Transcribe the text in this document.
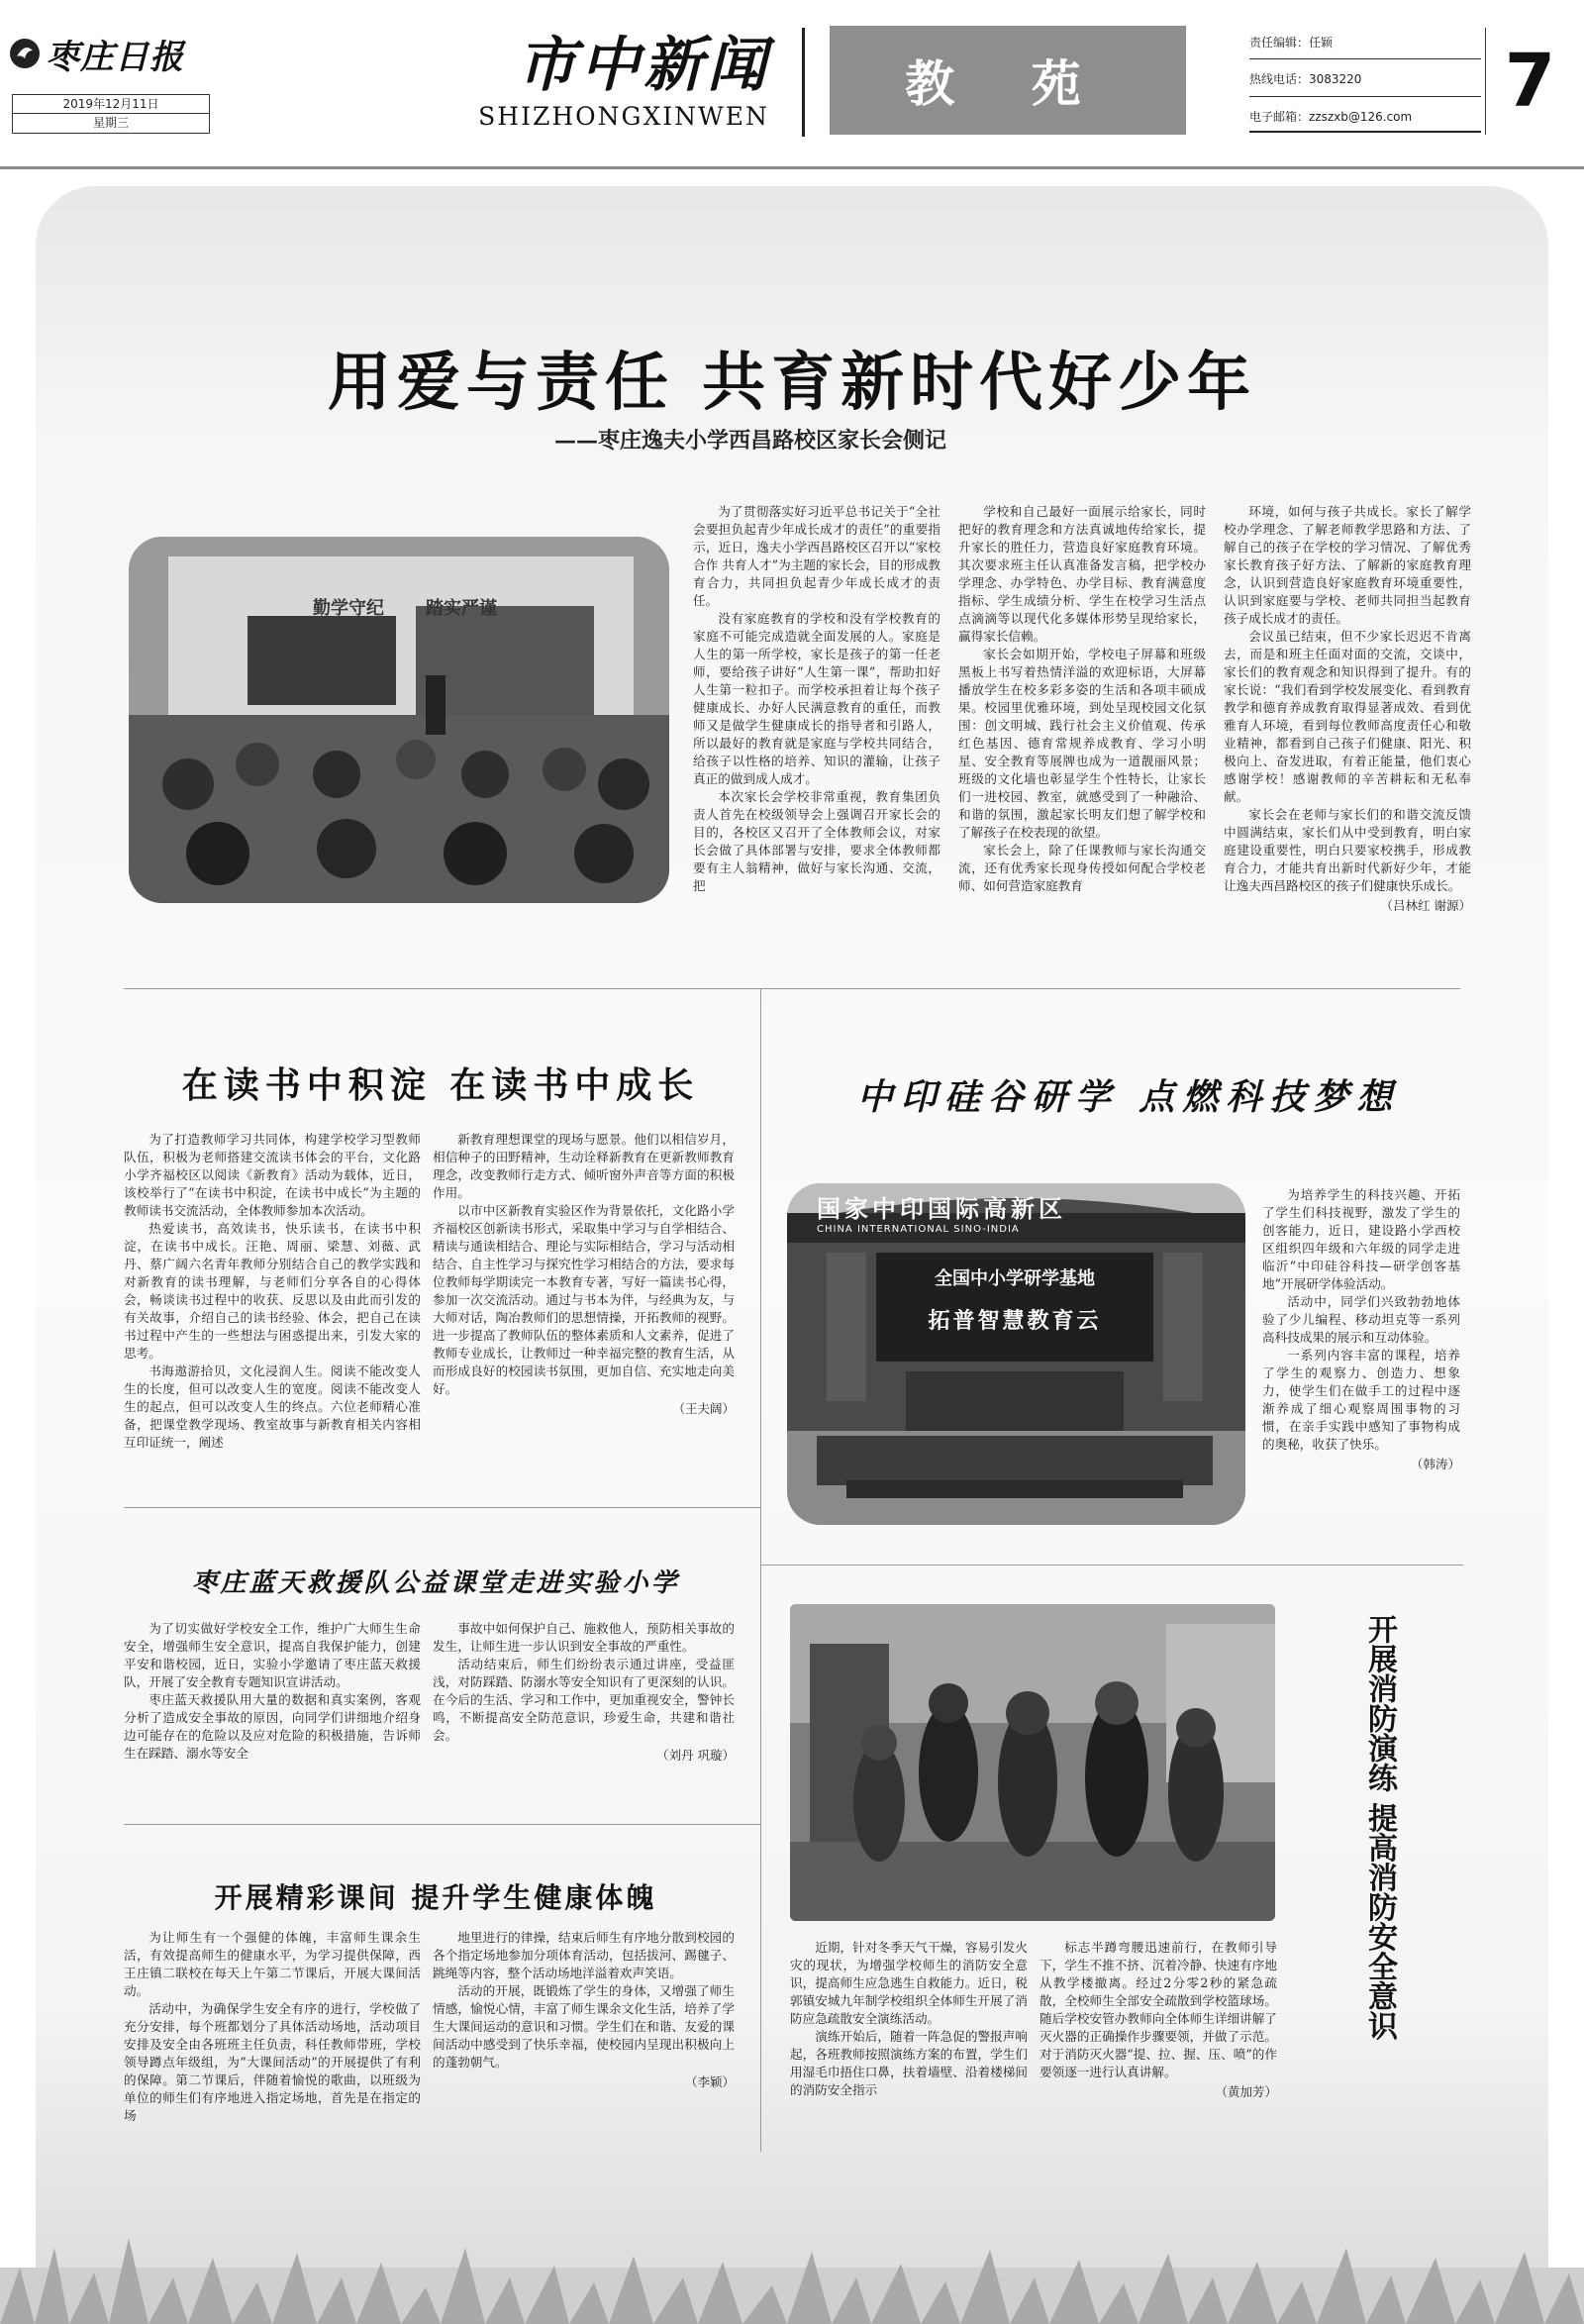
枣庄日报
2019年12月11日
星期三
市中新闻
SHIZHONGXINWEN
教 苑
责任编辑：任颖
热线电话：3083220
电子邮箱：zzszxb@126.com	7
用爱与责任 共育新时代好少年
——枣庄逸夫小学西昌路校区家长会侧记
勤学守纪 踏实严谨

为了贯彻落实好习近平总书记关于“全社会要担负起青少年成长成才的责任”的重要指示，近日，逸夫小学西昌路校区召开以“家校合作 共育人才”为主题的家长会，目的形成教育合力，共同担负起青少年成长成才的责任。

没有家庭教育的学校和没有学校教育的家庭不可能完成造就全面发展的人。家庭是人生的第一所学校，家长是孩子的第一任老师，要给孩子讲好“人生第一课”，帮助扣好人生第一粒扣子。而学校承担着让每个孩子健康成长、办好人民满意教育的重任，而教师又是做学生健康成长的指导者和引路人，所以最好的教育就是家庭与学校共同结合，给孩子以性格的培养、知识的灌输，让孩子真正的做到成人成才。

本次家长会学校非常重视，教育集团负责人首先在校级领导会上强调召开家长会的目的，各校区又召开了全体教师会议，对家长会做了具体部署与安排，要求全体教师都要有主人翁精神，做好与家长沟通、交流，把

学校和自己最好一面展示给家长，同时把好的教育理念和方法真诚地传给家长，提升家长的胜任力，营造良好家庭教育环境。其次要求班主任认真准备发言稿，把学校办学理念、办学特色、办学目标、教育满意度指标、学生成绩分析、学生在校学习生活点点滴滴等以现代化多媒体形势呈现给家长，赢得家长信赖。

家长会如期开始，学校电子屏幕和班级黑板上书写着热情洋溢的欢迎标语，大屏幕播放学生在校多彩多姿的生活和各项丰硕成果。校园里优雅环境，到处呈现校园文化氛围：创文明城、践行社会主义价值观、传承红色基因、德育常规养成教育、学习小明星、安全教育等展牌也成为一道靓丽风景；班级的文化墙也彰显学生个性特长，让家长们一进校园、教室，就感受到了一种融洽、和谐的氛围，激起家长明友们想了解学校和了解孩子在校表现的欲望。

家长会上，除了任课教师与家长沟通交流，还有优秀家长现身传授如何配合学校老师、如何营造家庭教育

环境，如何与孩子共成长。家长了解学校办学理念、了解老师教学思路和方法、了解自己的孩子在学校的学习情况、了解优秀家长教育孩子好方法、了解新的家庭教育理念，认识到营造良好家庭教育环境重要性，认识到家庭要与学校、老师共同担当起教育孩子成长成才的责任。

会议虽已结束，但不少家长迟迟不肯离去，而是和班主任面对面的交流，交谈中，家长们的教育观念和知识得到了提升。有的家长说：“我们看到学校发展变化、看到教育教学和德育养成教育取得显著成效、看到优雅育人环境，看到每位教师高度责任心和敬业精神，都看到自己孩子们健康、阳光、积极向上、奋发进取，有着正能量，他们衷心感谢学校！感谢教师的辛苦耕耘和无私奉献。

家长会在老师与家长们的和谐交流反馈中圆满结束，家长们从中受到教育，明白家庭建设重要性，明白只要家校携手，形成教育合力，才能共育出新时代新好少年，才能让逸夫西昌路校区的孩子们健康快乐成长。

（吕林红 谢源）
在读书中积淀 在读书中成长

为了打造教师学习共同体，构建学校学习型教师队伍，积极为老师搭建交流读书体会的平台，文化路小学齐福校区以阅读《新教育》活动为载体，近日，该校举行了“在读书中积淀，在读书中成长”为主题的教师读书交流活动，全体教师参加本次活动。

热爱读书，高效读书，快乐读书，在读书中积淀，在读书中成长。汪艳、周丽、梁慧、刘薇、武丹、蔡广阔六名青年教师分别结合自己的教学实践和对新教育的读书理解，与老师们分享各自的心得体会，畅谈读书过程中的收获、反思以及由此而引发的有关故事，介绍自己的读书经验、体会，把自己在读书过程中产生的一些想法与困惑提出来，引发大家的思考。

书海遨游拾贝，文化浸润人生。阅读不能改变人生的长度，但可以改变人生的宽度。阅读不能改变人生的起点，但可以改变人生的终点。六位老师精心准备，把课堂教学现场、教室故事与新教育相关内容相互印证统一，阐述

新教育理想课堂的现场与愿景。他们以相信岁月，相信种子的田野精神，生动诠释新教育在更新教师教育理念，改变教师行走方式、倾听窗外声音等方面的积极作用。

以市中区新教育实验区作为背景依托，文化路小学齐福校区创新读书形式，采取集中学习与自学相结合、精读与通读相结合、理论与实际相结合，学习与活动相结合、自主性学习与探究性学习相结合的方法，要求每位教师每学期读完一本教育专著，写好一篇读书心得，参加一次交流活动。通过与书本为伴，与经典为友，与大师对话，陶冶教师们的思想情操，开拓教师的视野。进一步提高了教师队伍的整体素质和人文素养，促进了教师专业成长，让教师过一种幸福完整的教育生活，从而形成良好的校园读书氛围，更加自信、充实地走向美好。

（王夫阔）
中印硅谷研学 点燃科技梦想
国家中印国际高新区
CHINA INTERNATIONAL SINO-INDIA
全国中小学研学基地
拓普智慧教育云

为培养学生的科技兴趣、开拓了学生们科技视野，激发了学生的创客能力，近日，建设路小学西校区组织四年级和六年级的同学走进临沂“中印硅谷科技—研学创客基地”开展研学体验活动。

活动中，同学们兴致勃勃地体验了少儿编程、移动坦克等一系列高科技成果的展示和互动体验。

一系列内容丰富的课程，培养了学生的观察力、创造力、想象力，使学生们在做手工的过程中逐渐养成了细心观察周围事物的习惯，在亲手实践中感知了事物构成的奥秘，收获了快乐。

（韩涛）
枣庄蓝天救援队公益课堂走进实验小学

为了切实做好学校安全工作，维护广大师生生命安全，增强师生安全意识，提高自我保护能力，创建平安和谐校园，近日，实验小学邀请了枣庄蓝天救援队，开展了安全教育专题知识宣讲活动。

枣庄蓝天救援队用大量的数据和真实案例，客观分析了造成安全事故的原因，向同学们讲细地介绍身边可能存在的危险以及应对危险的积极措施，告诉师生在踩踏、溺水等安全

事故中如何保护自己、施救他人，预防相关事故的发生，让师生进一步认识到安全事故的严重性。

活动结束后，师生们纷纷表示通过讲座，受益匪浅，对防踩踏、防溺水等安全知识有了更深刻的认识。在今后的生活、学习和工作中，更加重视安全，警钟长鸣，不断提高安全防范意识，珍爱生命，共建和谐社会。

（刘丹 巩璇）
开展精彩课间 提升学生健康体魄

为让师生有一个强健的体魄，丰富师生课余生活，有效提高师生的健康水平，为学习提供保障，西王庄镇二联校在每天上午第二节课后，开展大课间活动。

活动中，为确保学生安全有序的进行，学校做了充分安排，每个班都划分了具体活动场地，活动项目安排及安全由各班班主任负责，科任教师带班，学校领导蹲点年级组，为“大课间活动”的开展提供了有利的保障。第二节课后，伴随着愉悦的歌曲，以班级为单位的师生们有序地进入指定场地，首先是在指定的场

地里进行的律操，结束后师生有序地分散到校园的各个指定场地参加分项体育活动，包括拔河、踢毽子、跳绳等内容，整个活动场地洋溢着欢声笑语。

活动的开展，既锻炼了学生的身体，又增强了师生情感，愉悦心情，丰富了师生课余文化生活，培养了学生大课间运动的意识和习惯。学生们在和谐、友爱的课间活动中感受到了快乐幸福，使校园内呈现出积极向上的蓬勃朝气。

（李颖）
开展消防演练 提高消防安全意识

近期，针对冬季天气干燥，容易引发火灾的现状，为增强学校师生的消防安全意识，提高师生应急逃生自救能力。近日，税郭镇安城九年制学校组织全体师生开展了消防应急疏散安全演练活动。

演练开始后，随着一阵急促的警报声响起，各班教师按照演练方案的布置，学生们用湿毛巾捂住口鼻，扶着墙壁、沿着楼梯间的消防安全指示

标志半蹲弯腰迅速前行，在教师引导下，学生不推不挤、沉着冷静、快速有序地从教学楼撤离。经过2分零2秒的紧急疏散，全校师生全部安全疏散到学校篮球场。随后学校安管办教师向全体师生详细讲解了灭火器的正确操作步骤要领，并做了示范。对于消防灭火器“提、拉、握、压、喷”的作要领逐一进行认真讲解。

（黄加芳）
